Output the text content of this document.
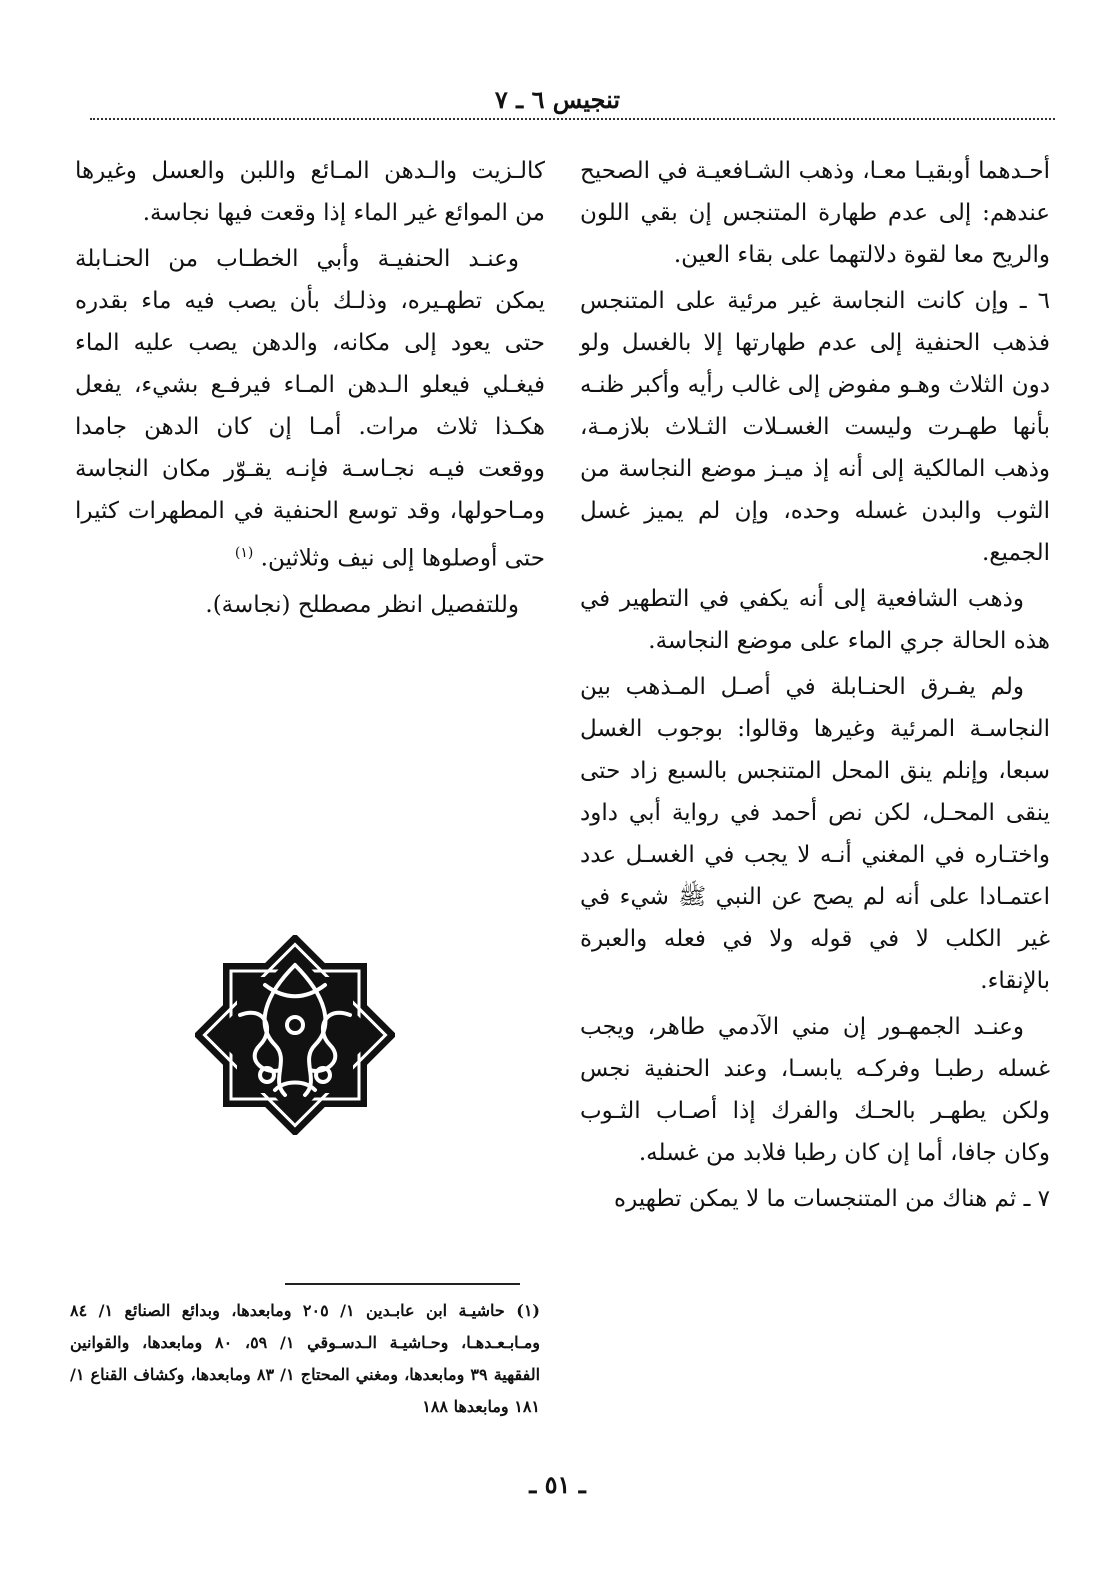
تنجيس ٦ ـ ٧

أحـدهما أوبقيـا معـا، وذهب الشـافعيـة في الصحيح عندهم: إلى عدم طهارة المتنجس إن بقي اللون والريح معا لقوة دلالتهما على بقاء العين.

٦ ـ وإن كانت النجاسة غير مرئية على المتنجس فذهب الحنفية إلى عدم طهارتها إلا بالغسل ولو دون الثلاث وهـو مفوض إلى غالب رأيه وأكبر ظنـه بأنها طهـرت وليست الغسـلات الثـلاث بلازمـة، وذهب المالكية إلى أنه إذ ميـز موضع النجاسة من الثوب والبدن غسله وحده، وإن لم يميز غسل الجميع.

وذهب الشافعية إلى أنه يكفي في التطهير في هذه الحالة جري الماء على موضع النجاسة.

ولم يفـرق الحنـابلة في أصـل المـذهب بين النجاسـة المرئية وغيرها وقالوا: بوجوب الغسل سبعا، وإنلم ينق المحل المتنجس بالسبع زاد حتى ينقى المحـل، لكن نص أحمد في رواية أبي داود واختـاره في المغني أنـه لا يجب في الغسـل عدد اعتمـادا على أنه لم يصح عن النبي ﷺ شيء في غير الكلب لا في قوله ولا في فعله والعبرة بالإنقاء.

وعنـد الجمهـور إن مني الآدمي طاهر، ويجب غسله رطبـا وفركـه يابسـا، وعند الحنفية نجس ولكن يطهـر بالحـك والفرك إذا أصـاب الثـوب وكان جافا، أما إن كان رطبا فلابد من غسله.

٧ ـ ثم هناك من المتنجسات ما لا يمكن تطهيره

كالـزيت والـدهن المـائع واللبن والعسل وغيرها من الموائع غير الماء إذا وقعت فيها نجاسة.

وعنـد الحنفيـة وأبي الخطـاب من الحنـابلة يمكن تطهـيره، وذلـك بأن يصب فيه ماء بقدره حتى يعود إلى مكانه، والدهن يصب عليه الماء فيغـلي فيعلو الـدهن المـاء فيرفـع بشيء، يفعل هكـذا ثلاث مرات. أمـا إن كان الدهن جامدا ووقعت فيـه نجـاسـة فإنـه يقـوّر مكان النجاسة ومـاحولها، وقد توسع الحنفية في المطهرات كثيرا حتى أوصلوها إلى نيف وثلاثين. $^{(١)}$

وللتفصيل انظر مصطلح (نجاسة).

(١) حاشيـة ابن عابـدين ١/ ٢٠٥ ومابعدها، وبدائع الصنائع ١/ ٨٤ ومـابـعـدهـا، وحـاشيـة الـدسـوقي ١/ ٥٩، ٨٠ ومابعدها، والقوانين الفقهية ٣٩ ومابعدها، ومغني المحتاج ١/ ٨٣ ومابعدها، وكشاف القناع ١/ ١٨١ ومابعدها ١٨٨
ـ ٥١ ـ
